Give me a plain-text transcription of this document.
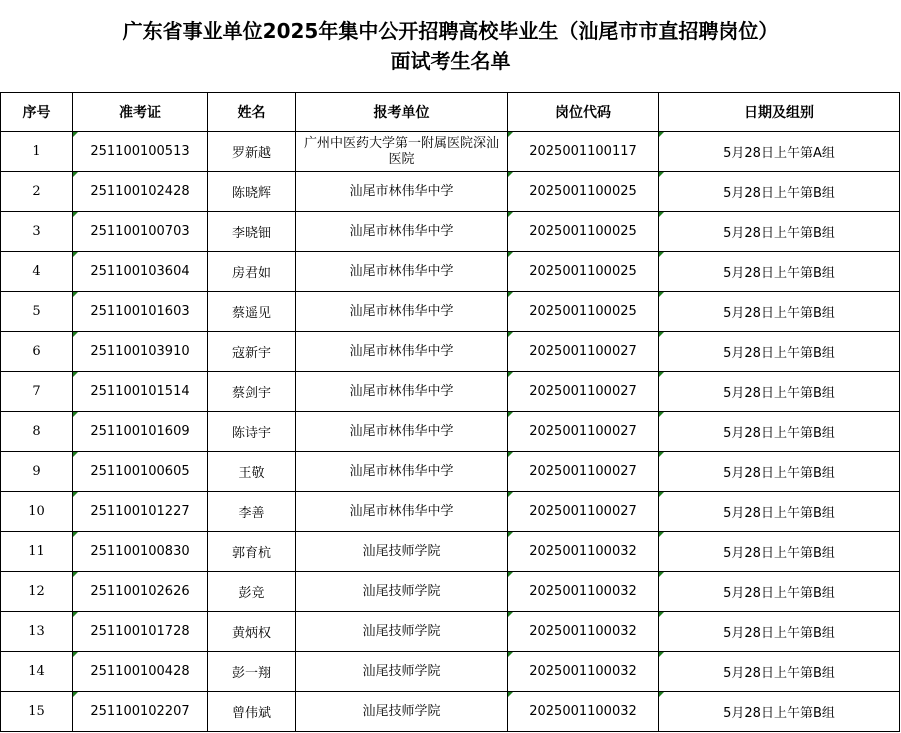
广东省事业单位2025年集中公开招聘高校毕业生（汕尾市市直招聘岗位）
面试考生名单
序号	准考证	姓名	报考单位	岗位代码	日期及组别
1	251100100513	罗新越	广州中医药大学第一附属医院深汕医院	2025001100117	5月28日上午第A组
2	251100102428	陈晓辉	汕尾市林伟华中学	2025001100025	5月28日上午第B组
3	251100100703	李晓钿	汕尾市林伟华中学	2025001100025	5月28日上午第B组
4	251100103604	房君如	汕尾市林伟华中学	2025001100025	5月28日上午第B组
5	251100101603	蔡遥见	汕尾市林伟华中学	2025001100025	5月28日上午第B组
6	251100103910	寇新宇	汕尾市林伟华中学	2025001100027	5月28日上午第B组
7	251100101514	蔡剑宇	汕尾市林伟华中学	2025001100027	5月28日上午第B组
8	251100101609	陈诗宇	汕尾市林伟华中学	2025001100027	5月28日上午第B组
9	251100100605	王敬	汕尾市林伟华中学	2025001100027	5月28日上午第B组
10	251100101227	李善	汕尾市林伟华中学	2025001100027	5月28日上午第B组
11	251100100830	郭育杭	汕尾技师学院	2025001100032	5月28日上午第B组
12	251100102626	彭竞	汕尾技师学院	2025001100032	5月28日上午第B组
13	251100101728	黄炳权	汕尾技师学院	2025001100032	5月28日上午第B组
14	251100100428	彭一翔	汕尾技师学院	2025001100032	5月28日上午第B组
15	251100102207	曾伟斌	汕尾技师学院	2025001100032	5月28日上午第B组
